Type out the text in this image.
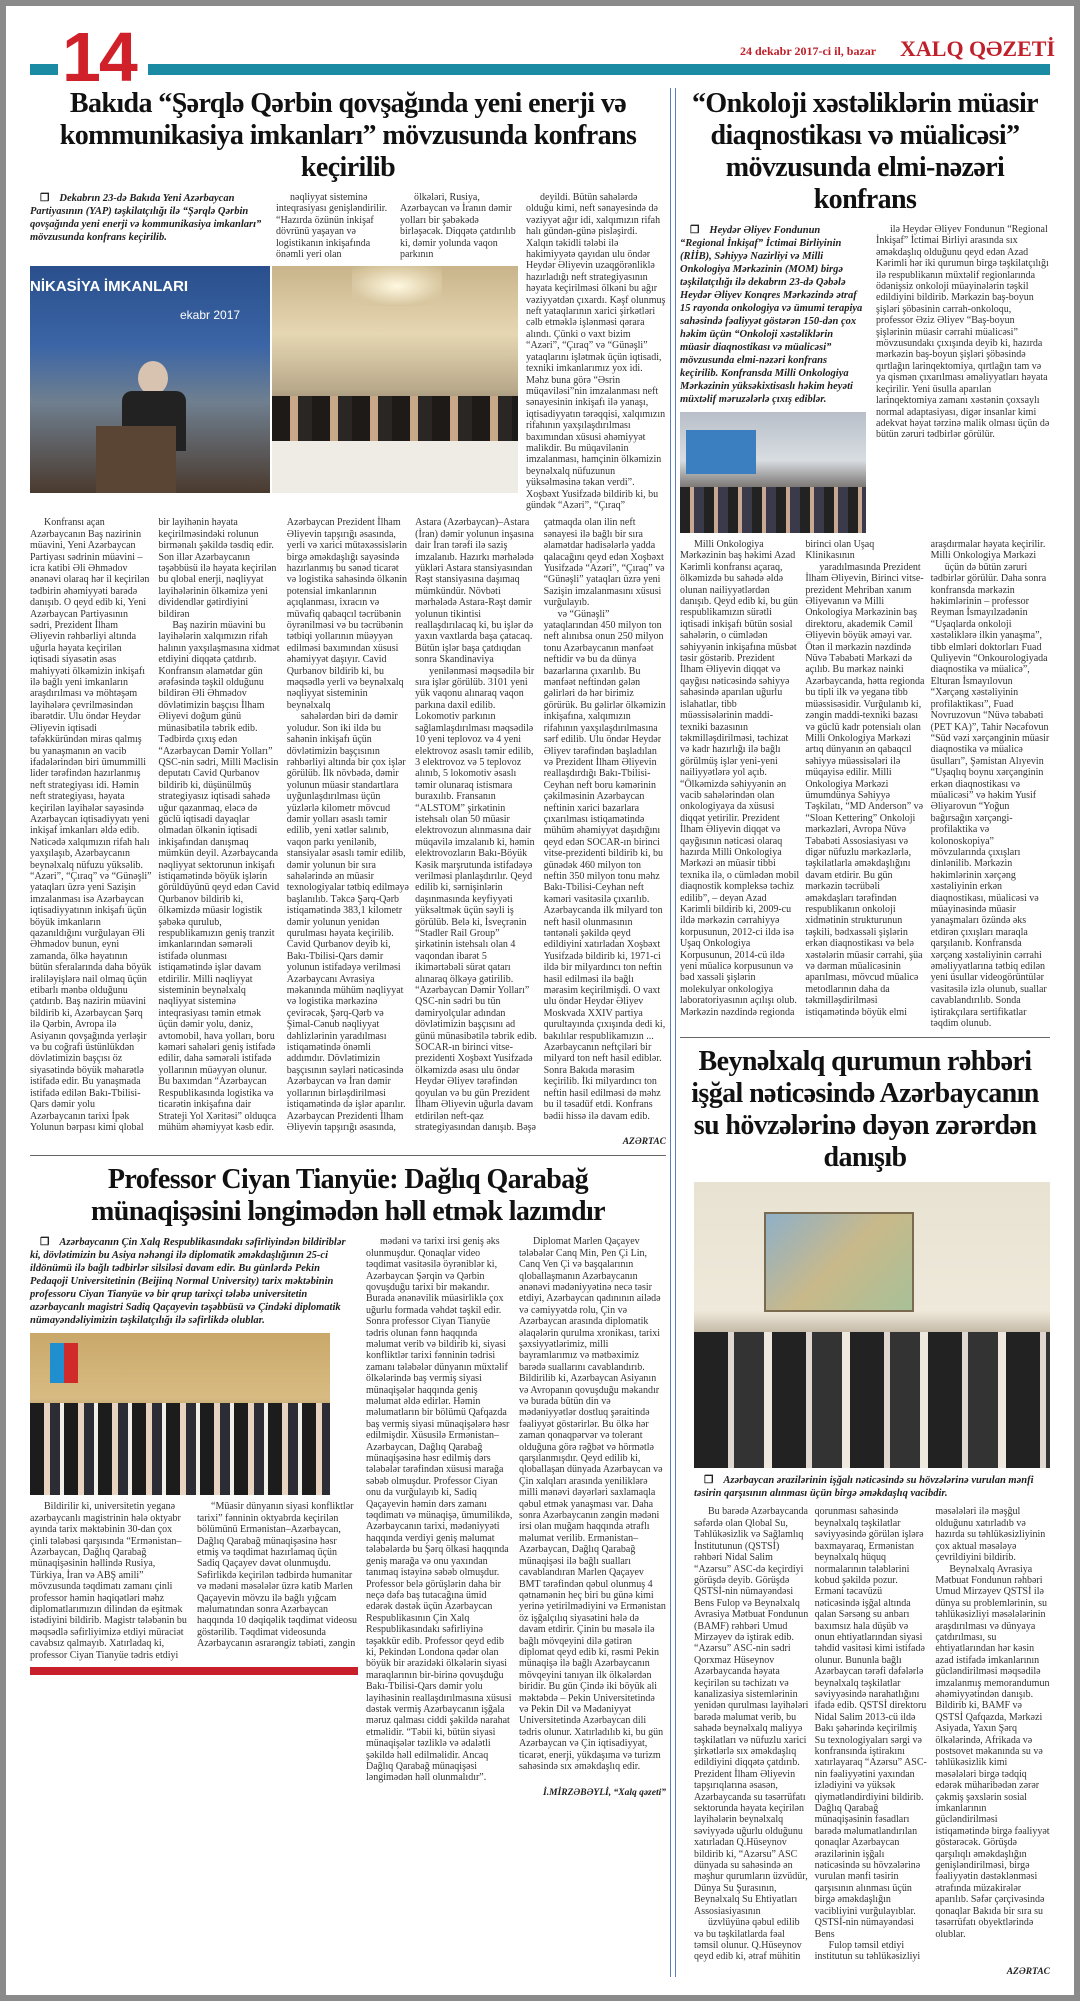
14	24 dekabr 2017-ci il, bazar XALQ QƏZETİ
Bakıda “Şərqlə Qərbin qovşağında yeni enerji və kommunikasiya imkanları” mövzusunda konfrans keçirilib
❒ Dekabrın 23-də Bakıda Yeni Azərbaycan Partiyasının (YAP) təşkilatçılığı ilə “Şərqlə Qərbin qovşağında yeni enerji və kommunikasiya imkanları” mövzusunda konfrans keçirilib.

nəqliyyat sisteminə inteqrasiyası genişləndirilir. “Hazırda özünün inkişaf dövrünü yaşayan və logistikanın inkişafında önəmli yeri olan

ölkələri, Rusiya, Azərbaycan və İranın dəmir yolları bir şəbəkədə birləşəcək. Diqqətə çatdırılıb ki, dəmir yolunda vaqon parkının

NİKASİYA İMKANLARI
ekabr 2017

deyildi. Bütün sahələrdə olduğu kimi, neft sənayesində də vəziyyət ağır idi, xalqımızın rifah halı gündən-günə pisləşirdi. Xalqın təkidli tələbi ilə hakimiyyətə qayıdan ulu öndər Heydər Əliyevin uzaqgörənliklə hazırladığı neft strategiyasının həyata keçirilməsi ölkəni bu ağır vəziyyətdən çıxardı. Kəşf olunmuş neft yataqlarının xarici şirkətləri cəlb etməklə işlənməsi qərara alındı. Çünki o vaxt bizim “Azəri”, “Çıraq” və “Günəşli” yataqlarını işlətmək üçün iqtisadi, texniki imkanlarımız yox idi. Məhz buna görə “Əsrin müqaviləsi”nin imzalanması neft sənayesinin inkişafı ilə yanaşı, iqtisadiyyatın tərəqqisi, xalqımızın rifahının yaxşılaşdırılması baxımından xüsusi əhəmiyyət malikdir. Bu müqavilənin imzalanması, hamçinin ölkəmizin beynəlxalq nüfuzunun yüksəlməsinə təkan verdi”. Xoşbəxt Yusifzadə bildirib ki, bu gündək “Azəri”, “Çıraq”

Konfransı açan Azərbaycanın Baş nazirinin müavini, Yeni Azərbaycan Partiyası sədrinin müavini – icra katibi Əli Əhmədov ənənəvi olaraq hər il keçirilən tədbirin əhəmiyyəti barədə danışıb. O qeyd edib ki, Yeni Azərbaycan Partiyasının sədri, Prezident İlham Əliyevin rəhbərliyi altında uğurla həyata keçirilən iqtisadi siyasətin əsas mahiyyəti ölkəmizin inkişafı ilə bağlı yeni imkanların araşdırılması və möhtəşəm layihələrə çevrilməsindən ibarətdir. Ulu öndər Heydər Əliyevin iqtisadi təfəkküründən miras qalmış bu yanaşmanın ən vacib ifadələrindən biri ümummilli lider tərəfindən hazırlanmış neft strategiyası idi. Həmin neft strategiyası, həyata keçirilən layihələr sayəsində Azərbaycan iqtisadiyyatı yeni inkişaf imkanları əldə edib. Nəticədə xalqımızın rifah halı yaxşılaşıb, Azərbaycanın beynəlxalq nüfuzu yüksəlib. “Azəri”, “Çıraq” və “Günəşli” yataqları üzrə yeni Sazişin imzalanması isə Azərbaycan iqtisadiyyatının inkişafı üçün böyük imkanların qazanıldığını vurğulayan Əli Əhmədov bunun, eyni zamanda, ölkə həyatının bütün sferalarında daha böyük irəliləyişlərə nail olmaq üçün etibarlı mənbə olduğunu çatdırıb. Baş nazirin müavini bildirib ki, Azərbaycan Şərq ilə Qərbin, Avropa ilə Asiyanın qovşağında yerləşir və bu coğrafi üstünlükdən dövlətimizin başçısı öz siyasətində böyük məharətlə istifadə edir. Bu yanaşmada istifadə edilən Bakı-Tbilisi-Qars dəmir yolu Azərbaycanın tarixi İpək Yolunun bərpası kimi qlobal bir layihənin həyata keçirilməsindəki rolunun birmənalı şəkildə təsdiq edir. Son illər Azərbaycanın təşəbbüsü ilə həyata keçirilən bu qlobal enerji, nəqliyyat layihələrinin ölkəmizə yeni dividendlər gətirdiyini bildirən

Baş nazirin müavini bu layihələrin xalqımızın rifah halının yaxşılaşmasına xidmət etdiyini diqqətə çatdırıb. Konfransın əlamətdar gün ərəfəsində təşkil olduğunu bildirən Əli Əhmədov dövlətimizin başçısı İlham Əliyevi doğum günü münasibətilə təbrik edib. Tədbirdə çıxış edən “Azərbaycan Dəmir Yolları” QSC-nin sədri, Milli Məclisin deputatı Cavid Qurbanov bildirib ki, düşünülmüş strategiyasız iqtisadi sahədə uğur qazanmaq, eləcə də güclü iqtisadi dayaqlar olmadan ölkənin iqtisadi inkişafından danışmaq mümkün deyil. Azərbaycanda nəqliyyat sektorunun inkişafı istiqamətində böyük işlərin görüldüyünü qeyd edən Cavid Qurbanov bildirib ki, ölkəmizdə müasir logistik şəbəkə qurulub, respublikamızın geniş tranzit imkanlarından səmərəli istifadə olunması istiqamətində işlər davam etdirilir. Milli nəqliyyat sisteminin beynəlxalq nəqliyyat sisteminə inteqrasiyası təmin etmək üçün dəmir yolu, dəniz, avtomobil, hava yolları, boru kəməri sahələri geniş istifadə edilir, daha səmərəli istifadə yollarının müəyyən olunur. Bu baxımdan “Azərbaycan Respublikasında logistika və ticarətin inkişafına dair Strateji Yol Xəritəsi” olduqca mühüm əhəmiyyət kəsb edir. Azərbaycan Prezident İlham Əliyevin tapşırığı əsasında, yerli və xarici mütəxəssislərin birgə əməkdaşlığı sayəsində hazırlanmış bu sənəd ticarət və logistika sahəsində ölkənin potensial imkanlarının açıqlanması, ixracın və müvafiq qabaqcıl təcrübənin öyrənilməsi və bu təcrübənin tətbiqi yollarının müəyyən edilməsi baxımından xüsusi əhəmiyyət daşıyır. Cavid Qurbanov bildirib ki, bu məqsədlə yerli və beynəlxalq nəqliyyat sisteminin beynəlxalq

sahələrdən biri də dəmir yoludur. Son iki ildə bu sahənin inkişafı üçün dövlətimizin başçısının rəhbərliyi altında bir çox işlər görülüb. İlk növbədə, dəmir yolunun müasir standartlara uyğunlaşdırılması üçün yüzlərlə kilometr mövcud dəmir yolları əsaslı təmir edilib, yeni xətlər salınıb, vaqon parkı yenilənib, stansiyalar əsaslı təmir edilib, dəmir yolunun bir sıra sahələrində ən müasir texnologiyalar tətbiq edilməyə başlanılıb. Təkcə Şərq-Qərb istiqamətində 383,1 kilometr dəmir yolunun yenidən qurulması həyata keçirilib. Cavid Qurbanov deyib ki, Bakı-Tbilisi-Qars dəmir yolunun istifadəyə verilməsi Azərbaycanı Avrasiya məkanında mühüm nəqliyyat və logistika mərkəzinə çevirəcək, Şərq-Qərb və Şimal-Cənub nəqliyyat dəhlizlərinin yaradılması istiqamətində önəmli addımdır. Dövlətimizin başçısının səyləri nəticəsində Azərbaycan və İran dəmir yollarının birləşdirilməsi istiqamətində də işlər aparılır. Azərbaycan Prezidenti İlham Əliyevin tapşırığı əsasında, Astara (Azərbaycan)–Astara (İran) dəmir yolunun inşasına dair İran tərəfi ilə saziş imzalanıb. Hazırkı mərhələdə yükləri Astara stansiyasından Rəşt stansiyasına daşımaq mümkündür. Növbəti mərhələdə Astara-Rəşt dəmir yolunun tikintisi reallaşdırılacaq ki, bu işlər də yaxın vaxtlarda başa çatacaq. Bütün işlər başa çatdıqdan sonra Skandinaviya

yenilənməsi məqsədilə bir sıra işlər görülüb. 3101 yeni yük vaqonu alınaraq vaqon parkına daxil edilib. Lokomotiv parkının sağlamlaşdırılması məqsədilə 10 yeni teplovoz və 4 yeni elektrovoz əsaslı təmir edilib, 3 elektrovoz və 5 teplovoz alınıb, 5 lokomotiv əsaslı təmir olunaraq istismara buraxılıb. Fransanın “ALSTOM” şirkətinin istehsalı olan 50 müasir elektrovozun alınmasına dair müqavilə imzalanıb ki, həmin elektrovozların Bakı-Böyük Kəsik marşrutunda istifadəyə verilməsi planlaşdırılır. Qeyd edilib ki, sərnişinlərin daşınmasında keyfiyyəti yüksəltmək üçün səyli iş görülüb. Belə ki, İsveçrənin “Stadler Rail Group” şirkətinin istehsalı olan 4 vaqondan ibarət 5 ikimərtəbəli sürət qatarı alınaraq ölkəyə gətirilib. “Azərbaycan Dəmir Yolları” QSC-nin sədri bu tün dəmiryolçular adından dövlətimizin başçısını ad günü münasibətilə təbrik edib. SOCAR-ın birinci vitse-prezidenti Xoşbəxt Yusifzadə ölkəmizdə əsası ulu öndər Heydər Əliyev tərəfindən qoyulan və bu gün Prezident İlham Əliyevin uğurla davam etdirilən neft-qaz strategiyasından danışıb. Bəşə çatmaqda olan ilin neft sənayesi ilə bağlı bir sıra əlamətdar hadisələrlə yadda qalacağını qeyd edən Xoşbəxt Yusifzadə “Azəri”, “Çıraq” və “Günəşli” yataqları üzrə yeni Sazişin imzalanmasını xüsusi vurğulayıb.

və “Günəşli” yataqlarından 450 milyon ton neft alınıbsa onun 250 milyon tonu Azərbaycanın mənfəət neftidir və bu da dünya bazarlarına çıxarılıb. Bu mənfəət neftindən gələn gəlirləri də hər birimiz görürük. Bu gəlirlər ölkəmizin inkişafına, xalqımızın rifahının yaxşılaşdırılmasına sərf edilib. Ulu öndər Heydər Əliyev tərəfindən başladılan və Prezident İlham Əliyevin reallaşdırdığı Bakı-Tbilisi-Ceyhan neft boru kəmərinin çəkilməsinin Azərbaycan neftinin xarici bazarlara çıxarılması istiqamətində mühüm əhəmiyyət daşıdığını qeyd edən SOCAR-ın birinci vitse-prezidenti bildirib ki, bu günədək 460 milyon ton neftin 350 milyon tonu məhz Bakı-Tbilisi-Ceyhan neft kəməri vasitəsilə çıxarılıb. Azərbaycanda ilk milyard ton neft hasil olunmasının təntənəli şəkildə qeyd edildiyini xatırladan Xoşbəxt Yusifzadə bildirib ki, 1971-ci ildə bir milyardıncı ton neftin hasil edilməsi ilə bağlı mərasim keçirilmişdi. O vaxt ulu öndər Heydər Əliyev Moskvada XXIV partiya qurultayında çıxışında dedi ki, bakılılar respublikamızın ... Azərbaycanın neftçiləri bir milyard ton neft hasil ediblər. Sonra Bakıda mərasim keçirilib. İki milyardıncı ton neftin hasil edilməsi də məhz bu il təsadüf etdi. Konfrans bədii hissə ilə davam edib.

AZƏRTAC
Professor Ciyan Tianyüe: Dağlıq Qarabağ münaqişəsini ləngimədən həll etmək lazımdır
❒ Azərbaycanın Çin Xalq Respublikasındakı səfirliyindən bildiriblər ki, dövlətimizin bu Asiya nəhəngi ilə diplomatik əməkdaşlığının 25-ci ildönümü ilə bağlı tədbirlər silsiləsi davam edir. Bu günlərdə Pekin Pedaqoji Universitetinin (Beijinq Normal University) tarix məktəbinin professoru Ciyan Tianyüe və bir qrup tarixçi tələbə universitetin azərbaycanlı magistri Sadiq Qaçayevin təşəbbüsü və Çindəki diplomatik nümayəndəliyimizin təşkilatçılığı ilə səfirlikdə olublar.

Bildirilir ki, universitetin yeganə azərbaycanlı magistrinin hələ oktyabr ayında tarix məktəbinin 30-dan çox çinli tələbəsi qarşısında “Ermənistan–Azərbaycan, Dağlıq Qarabağ münaqişəsinin həllində Rusiya, Türkiya, İran və ABŞ amili” mövzusunda təqdimatı zamanı çinli professor həmin həqiqətləri məhz diplomatlarımızın dilindən də eşitmək istədiyini bildirib. Magistr tələbənin bu məqsədlə səfirliyimizə etdiyi müraciət cavabsız qalmayıb. Xatırladaq ki, professor Ciyan Tianyüe tədris etdiyi

“Müasir dünyanın siyasi konfliktlər tarixi” fənninin oktyabrda keçirilən bölümünü Ermənistan–Azərbaycan, Dağlıq Qarabağ münaqişəsinə həsr etmiş və təqdimat hazırlamaq üçün Sadiq Qaçayev dəvət olunmuşdu. Səfirlikdə keçirilən tədbirdə humanitar və mədəni məsələlər üzrə katib Marlen Qaçayevin mövzu ilə bağlı yığcam məlumatından sonra Azərbaycan haqqında 10 dəqiqəlik təqdimat videosu göstərilib. Təqdimat videosunda Azərbaycanın əsrarəngiz təbiəti, zəngin

mədəni və tarixi irsi geniş əks olunmuşdur. Qonaqlar video təqdimat vasitəsilə öyrəniblər ki, Azərbaycan Şərqin və Qərbin qovuşduğu tarixi bir məkandır. Burada ənənəvilik müasirliklə çox uğurlu formada vəhdət təşkil edir. Sonra professor Ciyan Tianyüe tədris olunan fənn haqqında məlumat verib və bildirib ki, siyasi konfliktlər tarixi fənninin tədrisi zamanı tələbələr dünyanın müxtəlif ölkələrində baş vermiş siyasi münaqişələr haqqında geniş məlumat əldə edirlər. Həmin məlumatların bir bölümü Qafqazda baş vermiş siyasi münaqişələrə həsr edilmişdir. Xüsusilə Ermənistan–Azərbaycan, Dağlıq Qarabağ münaqişəsinə həsr edilmiş dərs tələbələr tərəfindən xüsusi marağa səbəb olmuşdur. Professor Ciyan onu da vurğulayıb ki, Sadiq Qaçayevin həmin dərs zamanı təqdimatı və münaqişə, ümumilikdə, Azərbaycanın tarixi, mədəniyyəti haqqında verdiyi geniş məlumat tələbələrdə bu Şərq ölkəsi haqqında geniş marağa və onu yaxından tanımaq istəyinə səbəb olmuşdur. Professor belə görüşlərin daha bir neçə dəfə baş tutacağına ümid edərək dəstək üçün Azərbaycan Respublikasının Çin Xalq Respublikasındakı səfirliyinə təşəkkür edib. Professor qeyd edib ki, Pekindən Londona qədər olan böyük bir ərazidəki ölkələrin siyasi maraqlarının bir-birinə qovuşduğu Bakı-Tbilisi-Qars dəmir yolu layihəsinin reallaşdırılmasına xüsusi dəstək vermiş Azərbaycanın işğala məruz qalması ciddi şəkildə narahat etməlidir. “Təbii ki, bütün siyasi münaqişələr təzliklə və ədalətli şəkildə həll edilməlidir. Ancaq Dağlıq Qarabağ münaqişəsi ləngimədən həll olunmalıdır”.

Diplomat Marlen Qaçayev tələbələr Canq Min, Pen Çi Lin, Canq Ven Çi və başqalarının qloballaşmanın Azərbaycanın ənənəvi mədəniyyətinə necə təsir etdiyi, Azərbaycan qadınının ailədə və cəmiyyətdə rolu, Çin və Azərbaycan arasında diplomatik əlaqələrin qurulma xronikası, tarixi şəxsiyyətlərimiz, milli bayramlarımız və mətbəximiz barədə suallarını cavablandırıb. Bildirilib ki, Azərbaycan Asiyanın və Avropanın qovuşduğu məkandır və burada bütün din və mədəniyyətlər dostluq şəraitində fəaliyyət göstərirlər. Bu ölkə hər zaman qonaqpərvər və tolerant olduğuna görə rəğbət və hörmətlə qarşılanmışdır. Qeyd edilib ki, qloballaşan dünyada Azərbaycan və Çin xalqları arasında yeniliklərə milli mənəvi dəyərləri saxlamaqla qəbul etmək yanaşması var. Daha sonra Azərbaycanın zəngin mədəni irsi olan muğam haqqında ətraflı məlumat verilib. Ermənistan–Azərbaycan, Dağlıq Qarabağ münaqişəsi ilə bağlı sualları cavablandıran Marlen Qaçayev BMT tərəfindən qəbul olunmuş 4 qətnamənin heç biri bu günə kimi yerinə yetirilmədiyini və Ermənistan öz işğalçılıq siyasətini hələ də davam etdirir. Çinin bu məsələ ilə bağlı mövqeyini dilə gətirən diplomat qeyd edib ki, rəsmi Pekin münaqişə ilə bağlı Azərbaycanın mövqeyini tanıyan ilk ölkələrdən biridir. Bu gün Çində iki böyük ali məktəbdə – Pekin Universitetində və Pekin Dil və Mədəniyyət Universitetində Azərbaycan dili tədris olunur. Xatırladılıb ki, bu gün Azərbaycan və Çin iqtisadiyyat, ticarət, enerji, yükdaşıma və turizm sahəsində sıx əməkdaşlıq edir.

İ.MİRZƏBƏYLİ, “Xalq qəzeti”
“Onkoloji xəstəliklərin müasir diaqnostikası və müalicəsi” mövzusunda elmi-nəzəri konfrans
❒ Heydər Əliyev Fondunun “Regional İnkişaf” İctimai Birliyinin (RİİB), Səhiyyə Nazirliyi və Milli Onkologiya Mərkəzinin (MOM) birgə təşkilatçılığı ilə dekabrın 23-də Qəbələ Heydər Əliyev Konqres Mərkəzində ətraf 15 rayonda onkologiya və ümumi terapiya sahəsində fəaliyyət göstərən 150-dən çox həkim üçün “Onkoloji xəstəliklərin müasir diaqnostikası və müalicəsi” mövzusunda elmi-nəzəri konfrans keçirilib. Konfransda Milli Onkologiya Mərkəzinin yüksəkixtisaslı həkim heyəti müxtəlif məruzələrlə çıxış ediblər.

ilə Heydər Əliyev Fondunun “Regional İnkişaf” İctimai Birliyi arasında sıx əməkdaşlıq olduğunu qeyd edən Azad Kərimli hər iki qurumun birgə təşkilatçılığı ilə respublikanın müxtəlif regionlarında ödənişsiz onkoloji müayinələrin təşkil edildiyini bildirib. Mərkəzin baş-boyun şişləri şöbəsinin cərrah-onkoloqu, professor Əziz Əliyev “Baş-boyun şişlərinin müasir cərrahi müalicəsi” mövzusundakı çıxışında deyib ki, hazırda mərkəzin baş-boyun şişləri şöbəsində qırtlağın larinqektomiya, qırtlağın tam və ya qismən çıxarılması əməliyyatları həyata keçirilir. Yeni üsulla aparılan larinqektomiya zamanı xəstənin çoxsaylı normal adaptasiyası, digər insanlar kimi adekvat həyat tərzinə malik olması üçün də bütün zəruri tədbirlər görülür.

Milli Onkologiya Mərkəzinin baş həkimi Azad Kərimli konfransı açaraq, ölkəmizdə bu sahədə əldə olunan nailiyyətlərdən danışıb. Qeyd edib ki, bu gün respublikamızın sürətli iqtisadi inkişafı bütün sosial sahələrin, o cümlədən səhiyyənin inkişafına müsbət təsir göstərib. Prezident İlham Əliyevin diqqət və qayğısı nəticəsində səhiyyə sahəsində aparılan uğurlu islahatlar, tibb müəssisələrinin maddi-texniki bazasının təkmilləşdirilməsi, təchizat və kadr hazırlığı ilə bağlı görülmüş işlər yeni-yeni nailiyyətlərə yol açıb. “Ölkəmizdə səhiyyənin ən vacib sahələrindən olan onkologiyaya da xüsusi diqqət yetirilir. Prezident İlham Əliyevin diqqət və qayğısının nəticəsi olaraq hazırda Milli Onkologiya Mərkəzi ən müasir tibbi texnika ilə, o cümlədən mobil diaqnostik kompleksə təchiz edilib”, – deyən Azad Kərimli bildirib ki, 2009-cu ildə mərkəzin cərrahiyyə korpusunun, 2012-ci ildə isə Uşaq Onkologiya Korpusunun, 2014-cü ildə yeni müalicə korpusunun və bəd xassəli şişlərin molekulyar onkologiya laboratoriyasının açılışı olub. Mərkəzin nəzdində regionda birinci olan Uşaq Klinikasının

yaradılmasında Prezident İlham Əliyevin, Birinci vitse-prezident Mehriban xanım Əliyevanın və Milli Onkologiya Mərkəzinin baş direktoru, akademik Cəmil Əliyevin böyük əməyi var. Ötən il mərkəzin nəzdində Nüvə Təbabəti Mərkəzi də açılıb. Bu mərkəz nəinki Azərbaycanda, hətta regionda bu tipli ilk və yeganə tibb müəssisəsidir. Vurğulanıb ki, zəngin maddi-texniki bazası və güclü kadr potensialı olan Milli Onkologiya Mərkəzi artıq dünyanın ən qabaqcıl səhiyyə müəssisələri ilə müqayisə edilir. Milli Onkologiya Mərkəzi ümumdünya Səhiyyə Təşkilatı, “MD Anderson” və “Sloan Kettering” Onkoloji mərkəzləri, Avropa Nüvə Təbabəti Assosiasiyası və digər nüfuzlu mərkəzlərlə, təşkilatlarla əməkdaşlığını davam etdirir. Bu gün mərkəzin təcrübəli əməkdaşları tərəfindən respublikanın onkoloji xidmətinin strukturunun təşkili, bədxassəli şişlərin erkən diaqnostikası və belə xəstələrin müasir cərrahi, şüa və dərman müalicəsinin aparılması, mövcud müalicə metodlarının daha da təkmilləşdirilməsi istiqamətində böyük elmi araşdırmalar həyata keçirilir. Milli Onkologiya Mərkəzi

üçün də bütün zəruri tədbirlər görülür. Daha sonra konfransda mərkəzin həkimlərinin – professor Reyman İsmayılzadənin “Uşaqlarda onkoloji xəstəliklərə ilkin yanaşma”, tibb elmləri doktorları Fuad Quliyevin “Onkourologiyada diaqnostika və müalicə”, Elturan İsmayılovun “Xərçəng xəstəliyinin profilaktikası”, Fuad Novruzovun “Nüvə təbabəti (PET KA)”, Tahir Nəcəfovun “Süd vəzi xərçənginin müasir diaqnostika və müalicə üsulları”, Şəmistan Alıyevin “Uşaqlıq boynu xərçənginin erkən diaqnostikası və müalicəsi” və həkim Yusif Əliyarovun “Yoğun bağırsağın xərçəngi-profilaktika və kolonoskopiya” mövzularında çıxışları dinlənilib. Mərkəzin həkimlərinin xərçəng xəstəliyinin erkən diaqnostikası, müalicəsi və müayinəsində müasir yanaşmaları özündə əks etdirən çıxışları maraqla qarşılanıb. Konfransda xərçəng xəstəliyinin cərrahi əməliyyatlarına tətbiq edilən yeni üsullar videogörüntülər vasitəsilə izlə olunub, suallar cavablandırılıb. Sonda iştirakçılara sertifikatlar təqdim olunub.

Beynəlxalq qurumun rəhbəri işğal nəticəsində Azərbaycanın su hövzələrinə dəyən zərərdən danışıb
❒ Azərbaycan ərazilərinin işğalı nəticəsində su hövzələrinə vurulan mənfi təsirin qarşısının alınması üçün birgə əməkdaşlıq vacibdir.

Bu barədə Azərbaycanda səfərdə olan Qlobal Su, Təhlükəsizlik və Sağlamlıq İnstitutunun (QSTSİ) rəhbəri Nidal Salim “Azərsu” ASC-də keçirdiyi görüşdə deyib. Görüşdə QSTSİ-nin nümayəndəsi Bens Fulop və Beynəlxalq Avrasiya Mətbuat Fondunun (BAMF) rəhbəri Umud Mirzəyev də iştirak edib. “Azərsu” ASC-nin sədri Qorxmaz Hüseynov Azərbaycanda həyata keçirilən su təchizatı və kanalizasiya sistemlərinin yenidən qurulması layihələri barədə məlumat verib, bu sahədə beynəlxalq maliyyə təşkilatları və nüfuzlu xarici şirkətlərlə sıx əməkdaşlıq edildiyini diqqətə çatdırıb. Prezident İlham Əliyevin tapşırıqlarına əsasən, Azərbaycanda su təsərrüfatı sektorunda həyata keçirilən layihələrin beynəlxalq səviyyədə uğurlu olduğunu xatırladan Q.Hüseynov bildirib ki, “Azərsu” ASC dünyada su sahəsində ən məşhur qurumların üzvüdür, Dünya Su Şurasının, Beynəlxalq Su Ehtiyatları Assosiasiyasının

üzvlüyünə qəbul edilib və bu təşkilatlarda fəal təmsil olunur. Q.Hüseynov qeyd edib ki, ətraf mühitin qorunması sahəsində beynəlxalq təşkilatlar səviyyəsində görülən işlərə baxmayaraq, Ermənistan beynəlxalq hüquq normalarının tələblərini kobud şəkildə pozur. Erməni təcavüzü nəticəsində işğal altında qalan Sərsəng su anbarı baxımsız hala düşüb və onun ehtiyatlarından siyasi təhdid vasitəsi kimi istifadə olunur. Bununla bağlı Azərbaycan tərəfi dəfələrlə beynəlxalq təşkilatlar səviyyəsində narahatlığını ifadə edib. QSTSİ direktoru Nidal Salim 2013-cü ildə Bakı şəhərində keçirilmiş Su texnologiyaları sərgi və konfransında iştirakını xatırlayaraq “Azərsu” ASC-nin fəaliyyətini yaxından izlədiyini və yüksək qiymətləndirdiyini bildirib. Dağlıq Qarabağ münaqişəsinin fəsadları barədə məlumatlandırılan qonaqlar Azərbaycan ərazilərinin işğalı nəticəsində su hövzələrinə vurulan mənfi təsirin qarşısının alınması üçün birgə əməkdaşlığın vacibliyini vurğulayıblar. QSTSİ-nin nümayəndəsi Bens

Fulop təmsil etdiyi institutun su təhlükəsizliyi məsələləri ilə məşğul olduğunu xatırladıb və hazırda su təhlükəsizliyinin çox aktual məsələyə çevrildiyini bildirib.

Beynəlxalq Avrasiya Mətbuat Fondunun rəhbəri Umud Mirzəyev QSTSİ ilə dünya su problemlərinin, su təhlükəsizliyi məsələlərinin araşdırılması və dünyaya çatdırılması, su ehtiyatlarından hər kəsin azad istifadə imkanlarının gücləndirilməsi məqsədilə imzalanmış memorandumun əhəmiyyətindən danışıb. Bildirib ki, BAMF və QSTSİ Qafqazda, Mərkəzi Asiyada, Yaxın Şərq ölkələrində, Afrikada və postsovet məkanında su və təhlükəsizlik kimi məsələləri birgə tədqiq edərək müharibədən zərər çəkmiş şəxslərin sosial imkanlarının gücləndirilməsi istiqamətində birgə fəaliyyət göstərəcək. Görüşdə qarşılıqlı əməkdaşlığın genişləndirilməsi, birgə fəaliyyətin dəstəklənməsi ətrafında müzakirələr aparılıb. Səfər çərçivəsində qonaqlar Bakıda bir sıra su təsərrüfatı obyektlərində olublar.

AZƏRTAC
